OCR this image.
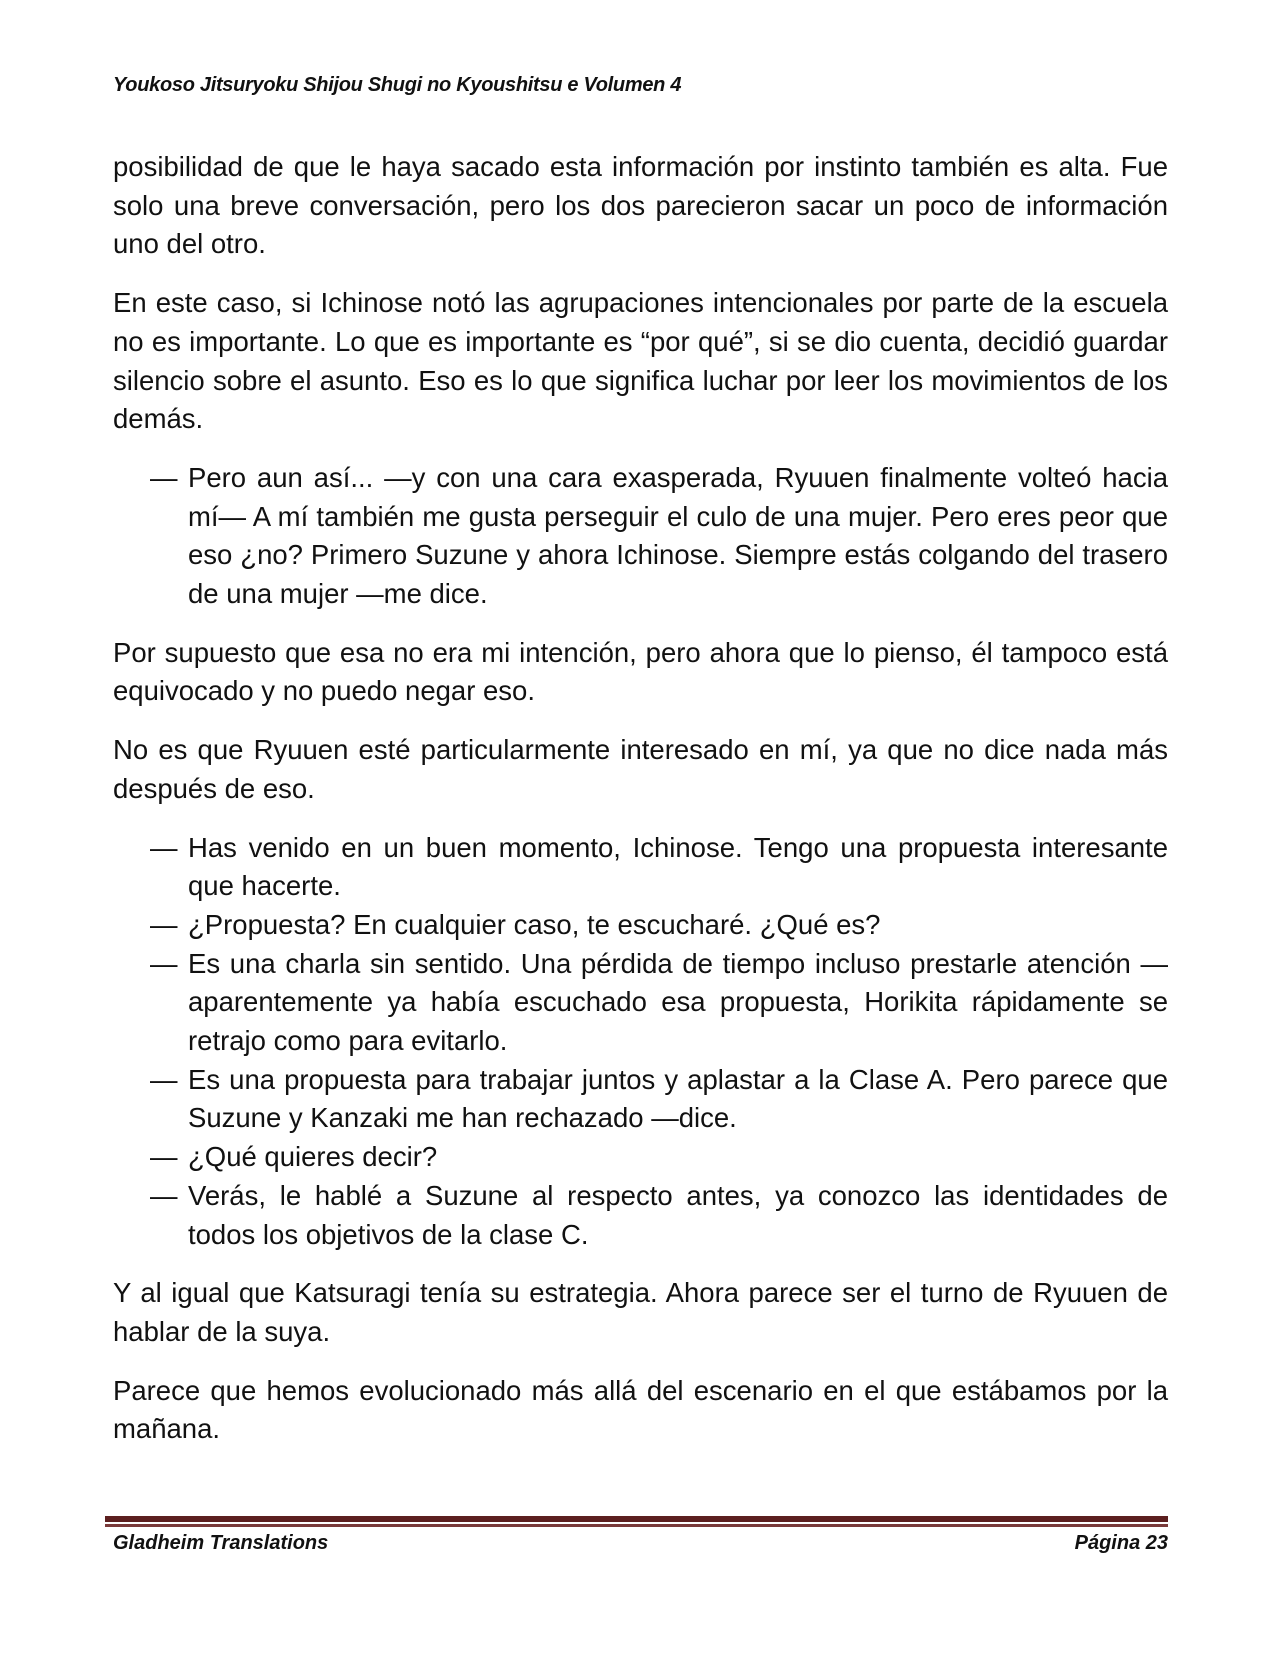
Youkoso Jitsuryoku Shijou Shugi no Kyoushitsu e Volumen 4

posibilidad de que le haya sacado esta información por instinto también es alta. Fue solo una breve conversación, pero los dos parecieron sacar un poco de información uno del otro.

En este caso, si Ichinose notó las agrupaciones intencionales por parte de la escuela no es importante. Lo que es importante es “por qué”, si se dio cuenta, decidió guardar silencio sobre el asunto. Eso es lo que significa luchar por leer los movimientos de los demás.

— Pero aun así... —y con una cara exasperada, Ryuuen finalmente volteó hacia mí— A mí también me gusta perseguir el culo de una mujer. Pero eres peor que eso ¿no? Primero Suzune y ahora Ichinose. Siempre estás colgando del trasero de una mujer —me dice.

Por supuesto que esa no era mi intención, pero ahora que lo pienso, él tampoco está equivocado y no puedo negar eso.

No es que Ryuuen esté particularmente interesado en mí, ya que no dice nada más después de eso.

— Has venido en un buen momento, Ichinose. Tengo una propuesta interesante que hacerte.
— ¿Propuesta? En cualquier caso, te escucharé. ¿Qué es?
— Es una charla sin sentido. Una pérdida de tiempo incluso prestarle atención —aparentemente ya había escuchado esa propuesta, Horikita rápidamente se retrajo como para evitarlo.
— Es una propuesta para trabajar juntos y aplastar a la Clase A. Pero parece que Suzune y Kanzaki me han rechazado —dice.
— ¿Qué quieres decir?
— Verás, le hablé a Suzune al respecto antes, ya conozco las identidades de todos los objetivos de la clase C.

Y al igual que Katsuragi tenía su estrategia. Ahora parece ser el turno de Ryuuen de hablar de la suya.

Parece que hemos evolucionado más allá del escenario en el que estábamos por la mañana.

Gladheim Translations	Página 23
